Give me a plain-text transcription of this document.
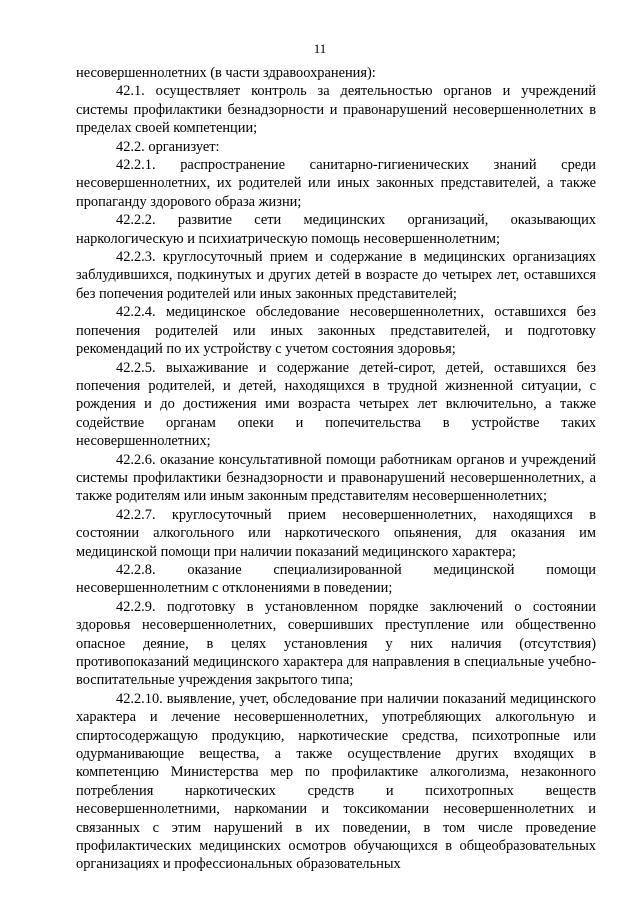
11

несовершеннолетних (в части здравоохранения):

42.1. осуществляет контроль за деятельностью органов и учреждений системы профилактики безнадзорности и правонарушений несовершеннолетних в пределах своей компетенции;

42.2. организует:

42.2.1. распространение санитарно-гигиенических знаний среди несовершеннолетних, их родителей или иных законных представителей, а также пропаганду здорового образа жизни;

42.2.2. развитие сети медицинских организаций, оказывающих наркологическую и психиатрическую помощь несовершеннолетним;

42.2.3. круглосуточный прием и содержание в медицинских организациях заблудившихся, подкинутых и других детей в возрасте до четырех лет, оставшихся без попечения родителей или иных законных представителей;

42.2.4. медицинское обследование несовершеннолетних, оставшихся без попечения родителей или иных законных представителей, и подготовку рекомендаций по их устройству с учетом состояния здоровья;

42.2.5. выхаживание и содержание детей-сирот, детей, оставшихся без попечения родителей, и детей, находящихся в трудной жизненной ситуации, с рождения и до достижения ими возраста четырех лет включительно, а также содействие органам опеки и попечительства в устройстве таких несовершеннолетних;

42.2.6. оказание консультативной помощи работникам органов и учреждений системы профилактики безнадзорности и правонарушений несовершеннолетних, а также родителям или иным законным представителям несовершеннолетних;

42.2.7. круглосуточный прием несовершеннолетних, находящихся в состоянии алкогольного или наркотического опьянения, для оказания им медицинской помощи при наличии показаний медицинского характера;

42.2.8. оказание специализированной медицинской помощи несовершеннолетним с отклонениями в поведении;

42.2.9. подготовку в установленном порядке заключений о состоянии здоровья несовершеннолетних, совершивших преступление или общественно опасное деяние, в целях установления у них наличия (отсутствия) противопоказаний медицинского характера для направления в специальные учебно-воспитательные учреждения закрытого типа;

42.2.10. выявление, учет, обследование при наличии показаний медицинского характера и лечение несовершеннолетних, употребляющих алкогольную и спиртосодержащую продукцию, наркотические средства, психотропные или одурманивающие вещества, а также осуществление других входящих в компетенцию Министерства мер по профилактике алкоголизма, незаконного потребления наркотических средств и психотропных веществ несовершеннолетними, наркомании и токсикомании несовершеннолетних и связанных с этим нарушений в их поведении, в том числе проведение профилактических медицинских осмотров обучающихся в общеобразовательных организациях и профессиональных образовательных
